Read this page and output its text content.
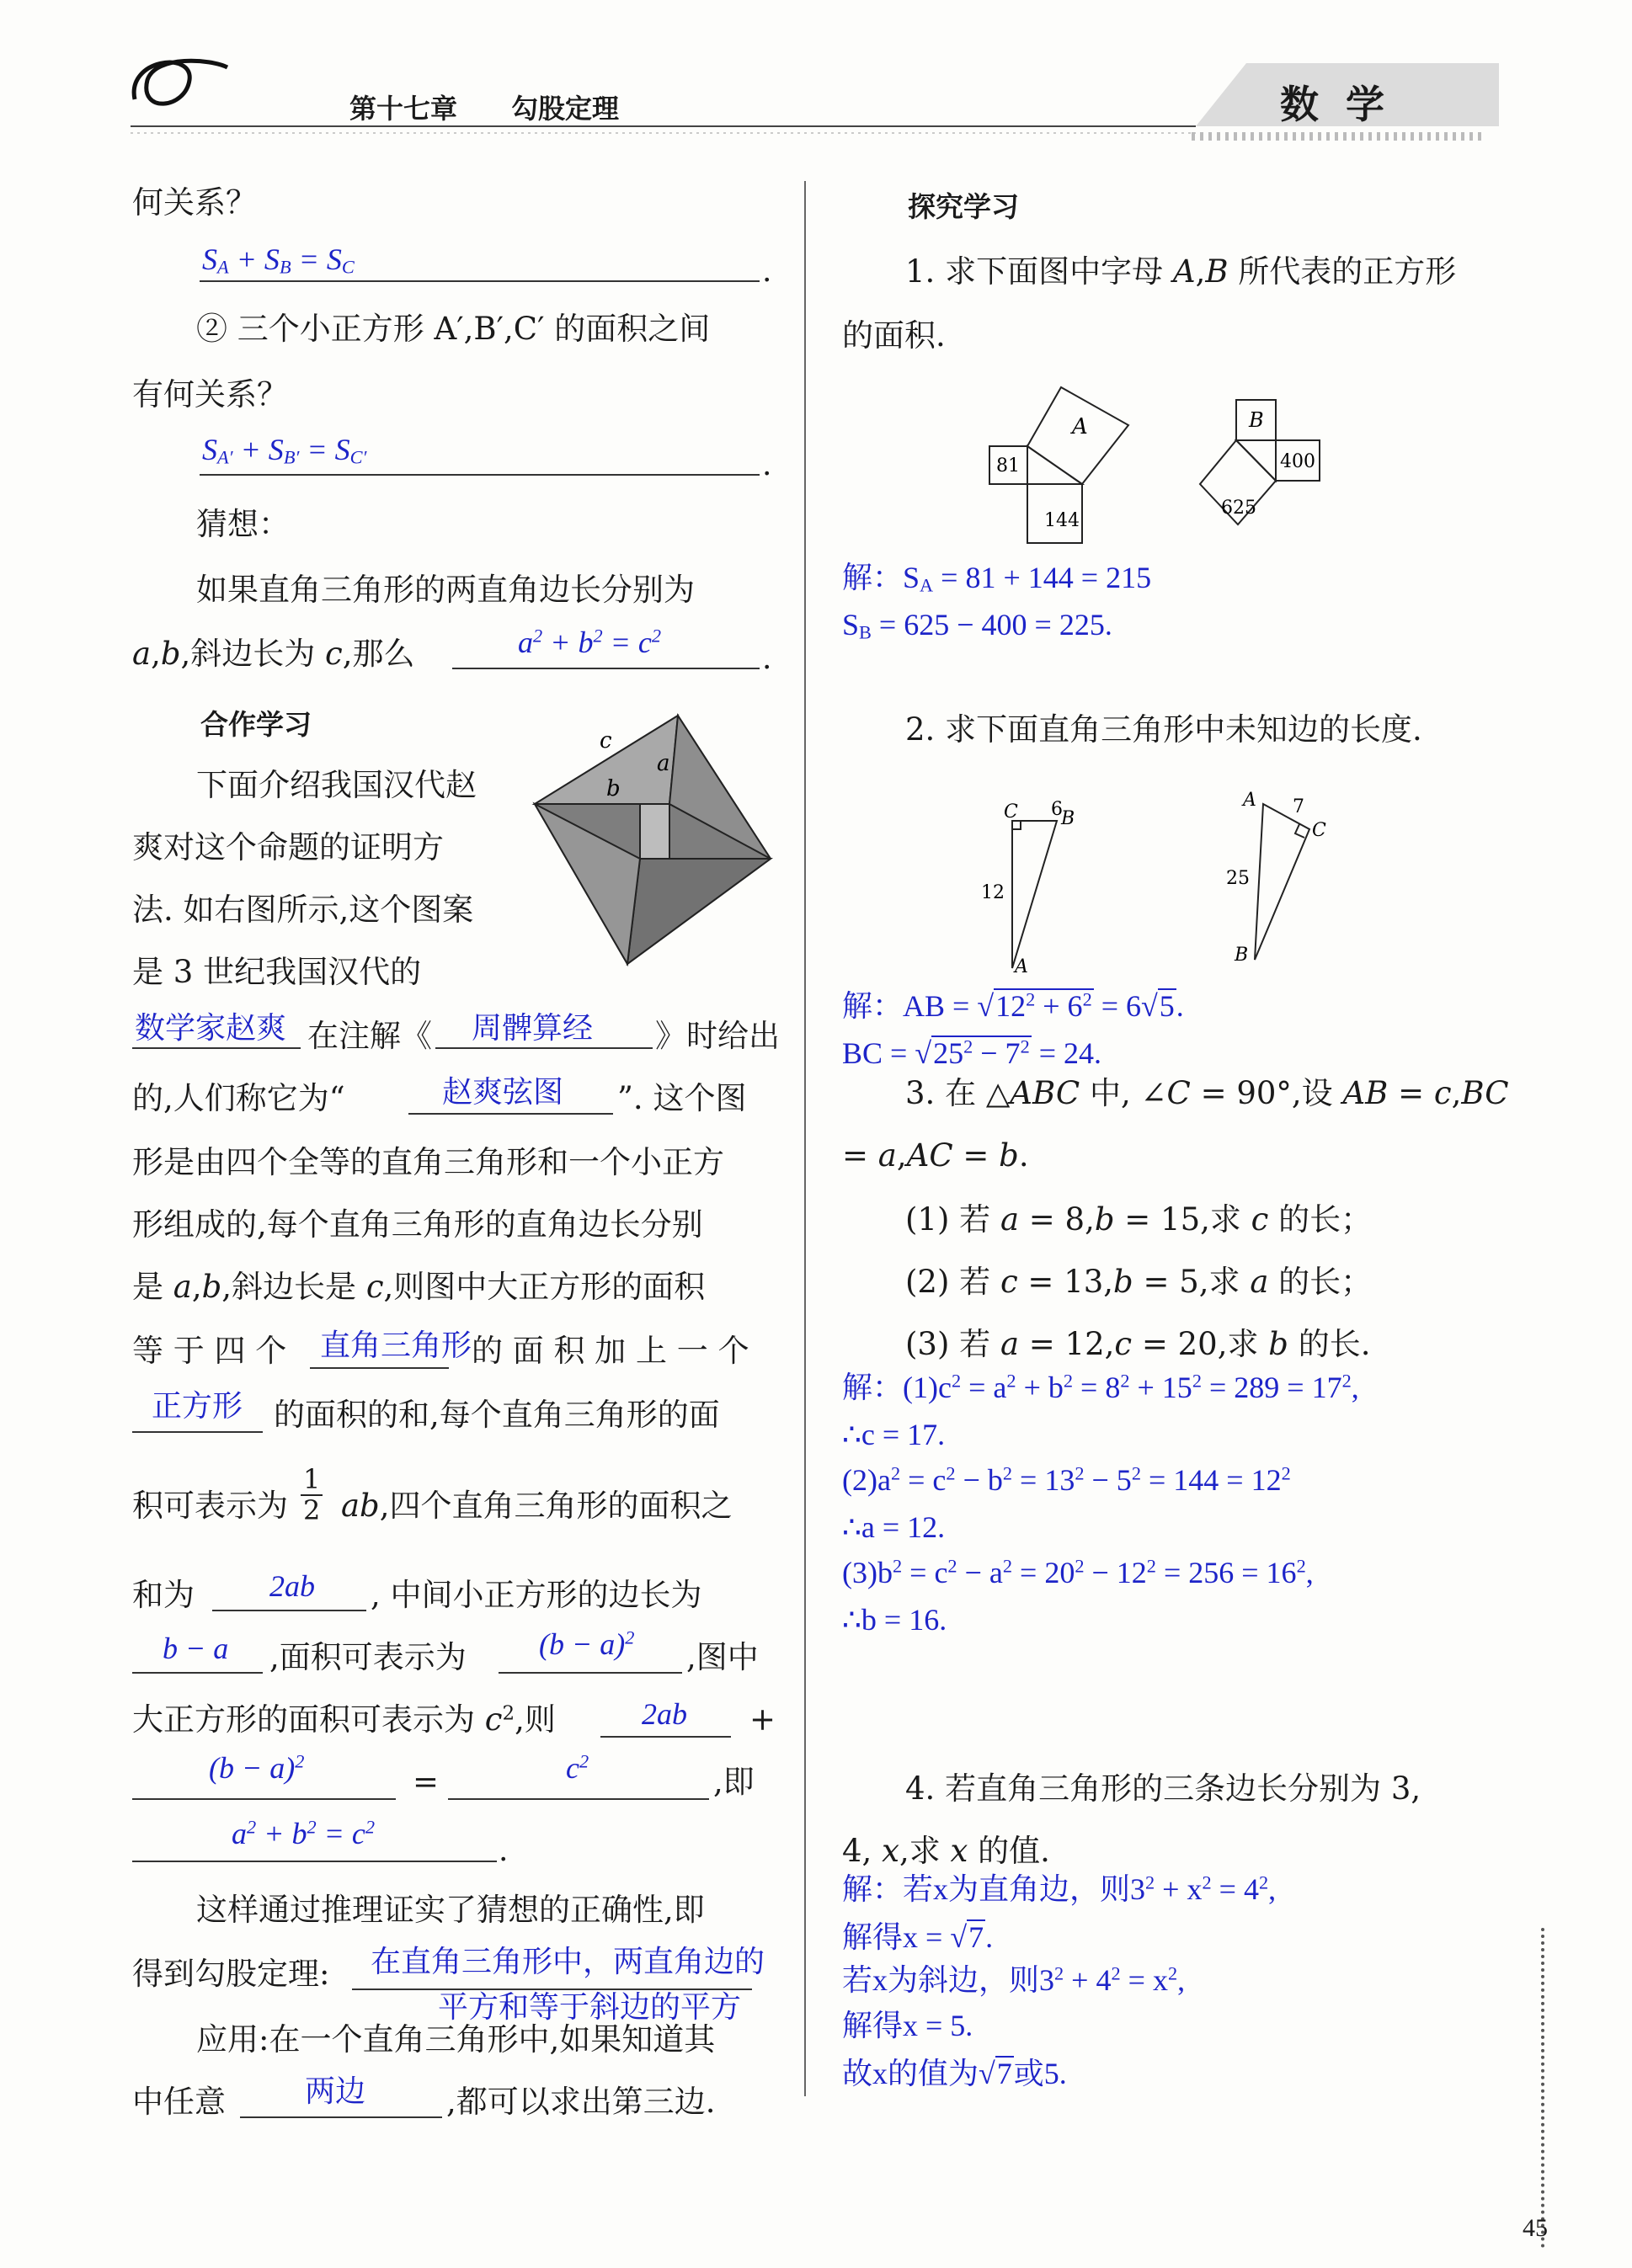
第十七章 勾股定理	数 学
何关系？
.
$S_A + S_B = S_C$
② 三个小正方形 A′,B′,C′ 的面积之间
有何关系？
.
$S_{A'} + S_{B'} = S_{C'}$
猜想：
如果直角三角形的两直角边长分别为
a,b,斜边长为 c,那么	.
$a^2 + b^2 = c^2$
合作学习	c
a
b
下面介绍我国汉代赵
爽对这个命题的证明方
法. 如右图所示,这个图案
是 3 世纪我国汉代的
数学家赵爽 在注解《 周髀算经 》时给出
的,人们称它为“	赵爽弦图 ”. 这个图
形是由四个全等的直角三角形和一个小正方
形组成的,每个直角三角形的直角边长分别
是 a,b,斜边长是 c,则图中大正方形的面积
等 于 四 个 直角三角形 的 面 积 加 上 一 个
正方形 的面积的和,每个直角三角形的面
积可表示为 $\frac{1}{2}$ ab,四个直角三角形的面积之
和为 2ab , 中间小正方形的边长为
b − a ,面积可表示为 $(b - a)^2$
,图中
大正方形的面积可表示为 $c^2$,则	2ab +
$(b - a)^2$
=	$c^2$
,即
$a^2 + b^2 = c^2$
.
这样通过推理证实了猜想的正确性,即
得到勾股定理: 在直角三角形中，两直角边的
平方和等于斜边的平方
应用:在一个直角三角形中,如果知道其
中任意	两边	,都可以求出第三边.
探究学习
1. 求下面图中字母 A,B 所代表的正方形
的面积.
A
81
144
B
400
625
解：$S_A = 81 + 144 = 215$
$S_B = 625 - 400 = 225$.
2. 求下面直角三角形中未知边的长度.
C 6
B
12
A
A 7
C
25
B
解：AB = $√12^2 + 6^2 = 6√5$.
BC = $√25^2 - 7^2 = 24$.
3. 在 △ABC 中, ∠C = 90°,设 AB = c,BC
= a,AC = b.
(1) 若 a = 8,b = 15,求 c 的长；
(2) 若 c = 13,b = 5,求 a 的长；
(3) 若 a = 12,c = 20,求 b 的长.
解：$(1)c^2 = a^2 + b^2 = 8^2 + 15^2 = 289 = 17^2$,
∴c = 17.
$(2)a^2 = c^2 - b^2 = 13^2 - 5^2 = 144 = 12^2$
∴a = 12.
$(3)b^2 = c^2 - a^2 = 20^2 - 12^2 = 256 = 16^2$,
∴b = 16.
4. 若直角三角形的三条边长分别为 3,
4, x,求 x 的值.
解：若x为直角边，则$3^2 + x^2 = 4^2$,
解得x = √7.
若x为斜边，则$3^2 + 4^2 = x^2$,
解得x = 5.
故x的值为√7或5.
45
